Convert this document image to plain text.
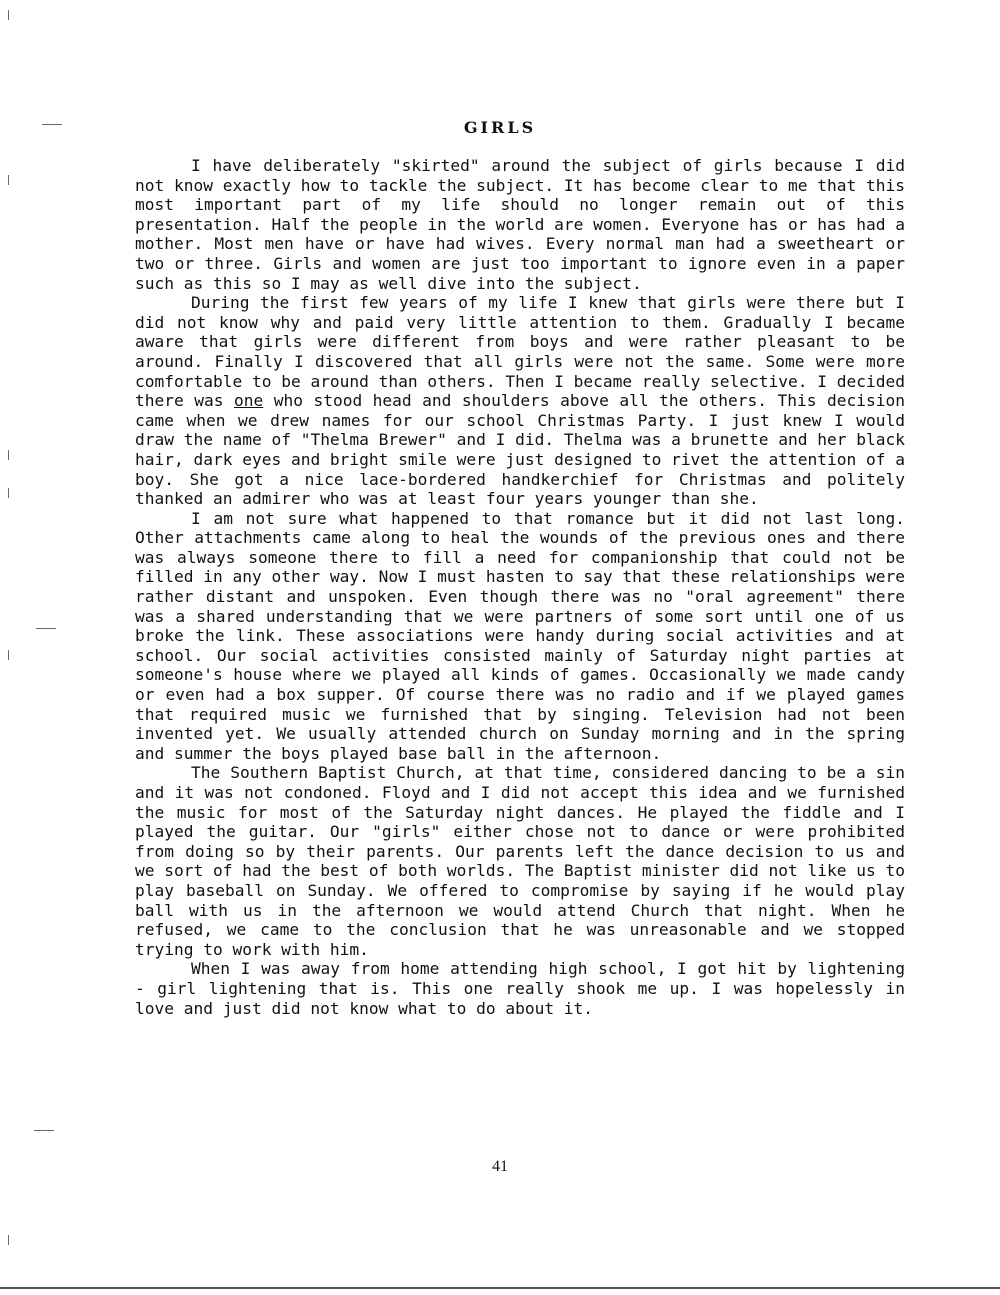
GIRLS

I have deliberately "skirted" around the subject of girls because I did not know exactly how to tackle the subject. It has become clear to me that this most important part of my life should no longer remain out of this presentation. Half the people in the world are women. Everyone has or has had a mother. Most men have or have had wives. Every normal man had a sweetheart or two or three. Girls and women are just too important to ignore even in a paper such as this so I may as well dive into the subject.

During the first few years of my life I knew that girls were there but I did not know why and paid very little attention to them. Gradually I became aware that girls were different from boys and were rather pleasant to be around. Finally I discovered that all girls were not the same. Some were more comfortable to be around than others. Then I became really selective. I decided there was one who stood head and shoulders above all the others. This decision came when we drew names for our school Christmas Party. I just knew I would draw the name of "Thelma Brewer" and I did. Thelma was a brunette and her black hair, dark eyes and bright smile were just designed to rivet the attention of a boy. She got a nice lace-bordered handkerchief for Christmas and politely thanked an admirer who was at least four years younger than she.

I am not sure what happened to that romance but it did not last long. Other attachments came along to heal the wounds of the previous ones and there was always someone there to fill a need for companionship that could not be filled in any other way. Now I must hasten to say that these relationships were rather distant and unspoken. Even though there was no "oral agreement" there was a shared understanding that we were partners of some sort until one of us broke the link. These associations were handy during social activities and at school. Our social activities consisted mainly of Saturday night parties at someone's house where we played all kinds of games. Occasionally we made candy or even had a box supper. Of course there was no radio and if we played games that required music we furnished that by singing. Television had not been invented yet. We usually attended church on Sunday morning and in the spring and summer the boys played base ball in the afternoon.

The Southern Baptist Church, at that time, considered dancing to be a sin and it was not condoned. Floyd and I did not accept this idea and we furnished the music for most of the Saturday night dances. He played the fiddle and I played the guitar. Our "girls" either chose not to dance or were prohibited from doing so by their parents. Our parents left the dance decision to us and we sort of had the best of both worlds. The Baptist minister did not like us to play baseball on Sunday. We offered to compromise by saying if he would play ball with us in the afternoon we would attend Church that night. When he refused, we came to the conclusion that he was unreasonable and we stopped trying to work with him.

When I was away from home attending high school, I got hit by lightening - girl lightening that is. This one really shook me up. I was hopelessly in love and just did not know what to do about it.

41
